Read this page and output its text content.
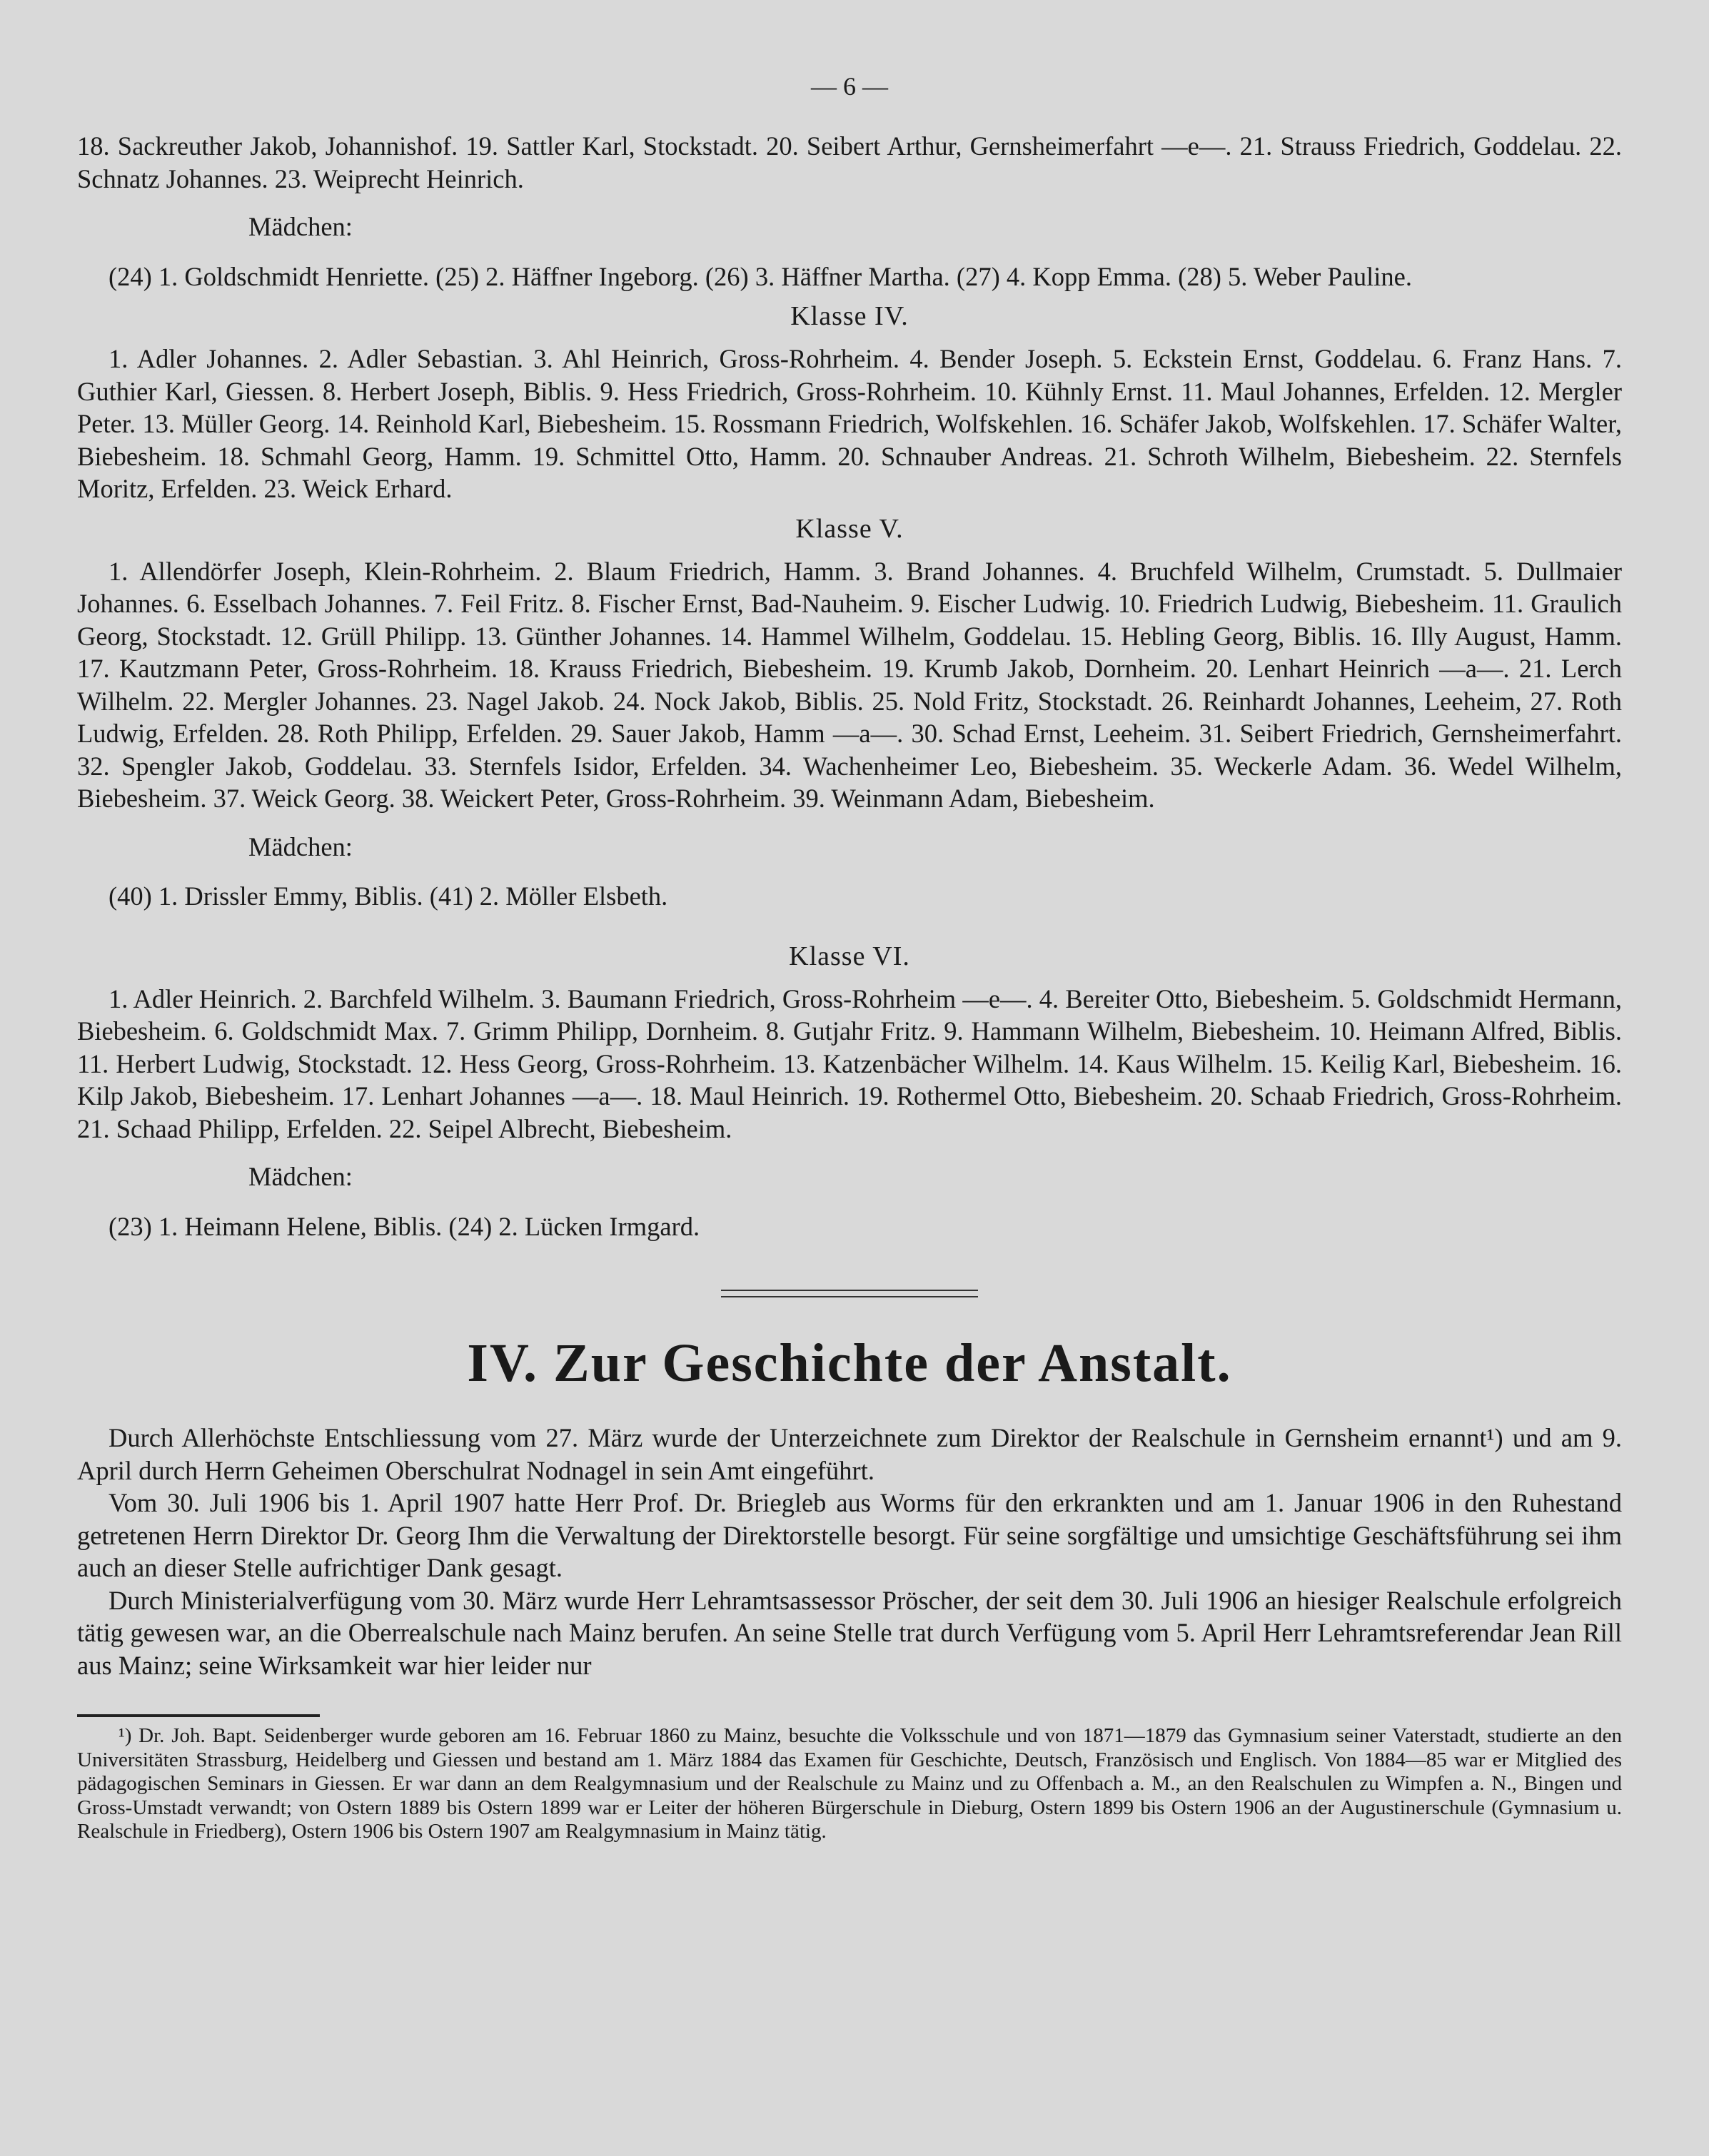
— 6 —

18. Sackreuther Jakob, Johannishof. 19. Sattler Karl, Stockstadt. 20. Seibert Arthur, Gernsheimerfahrt —e—. 21. Strauss Friedrich, Goddelau. 22. Schnatz Johannes. 23. Weiprecht Heinrich.

Mädchen:

(24) 1. Goldschmidt Henriette. (25) 2. Häffner Ingeborg. (26) 3. Häffner Martha. (27) 4. Kopp Emma. (28) 5. Weber Pauline.

Klasse IV.

1. Adler Johannes. 2. Adler Sebastian. 3. Ahl Heinrich, Gross-Rohrheim. 4. Bender Joseph. 5. Eckstein Ernst, Goddelau. 6. Franz Hans. 7. Guthier Karl, Giessen. 8. Herbert Joseph, Biblis. 9. Hess Friedrich, Gross-Rohrheim. 10. Kühnly Ernst. 11. Maul Johannes, Erfelden. 12. Mergler Peter. 13. Müller Georg. 14. Reinhold Karl, Biebesheim. 15. Rossmann Friedrich, Wolfskehlen. 16. Schäfer Jakob, Wolfskehlen. 17. Schäfer Walter, Biebesheim. 18. Schmahl Georg, Hamm. 19. Schmittel Otto, Hamm. 20. Schnauber Andreas. 21. Schroth Wilhelm, Biebesheim. 22. Sternfels Moritz, Erfelden. 23. Weick Erhard.

Klasse V.

1. Allendörfer Joseph, Klein-Rohrheim. 2. Blaum Friedrich, Hamm. 3. Brand Johannes. 4. Bruchfeld Wilhelm, Crumstadt. 5. Dullmaier Johannes. 6. Esselbach Johannes. 7. Feil Fritz. 8. Fischer Ernst, Bad-Nauheim. 9. Eischer Ludwig. 10. Friedrich Ludwig, Biebesheim. 11. Graulich Georg, Stockstadt. 12. Grüll Philipp. 13. Günther Johannes. 14. Hammel Wilhelm, Goddelau. 15. Hebling Georg, Biblis. 16. Illy August, Hamm. 17. Kautzmann Peter, Gross-Rohrheim. 18. Krauss Friedrich, Biebesheim. 19. Krumb Jakob, Dornheim. 20. Lenhart Heinrich —a—. 21. Lerch Wilhelm. 22. Mergler Johannes. 23. Nagel Jakob. 24. Nock Jakob, Biblis. 25. Nold Fritz, Stockstadt. 26. Reinhardt Johannes, Leeheim, 27. Roth Ludwig, Erfelden. 28. Roth Philipp, Erfelden. 29. Sauer Jakob, Hamm —a—. 30. Schad Ernst, Leeheim. 31. Seibert Friedrich, Gernsheimerfahrt. 32. Spengler Jakob, Goddelau. 33. Sternfels Isidor, Erfelden. 34. Wachenheimer Leo, Biebesheim. 35. Weckerle Adam. 36. Wedel Wilhelm, Biebesheim. 37. Weick Georg. 38. Weickert Peter, Gross-Rohrheim. 39. Weinmann Adam, Biebesheim.

Mädchen:

(40) 1. Drissler Emmy, Biblis. (41) 2. Möller Elsbeth.

Klasse VI.

1. Adler Heinrich. 2. Barchfeld Wilhelm. 3. Baumann Friedrich, Gross-Rohrheim —e—. 4. Bereiter Otto, Biebesheim. 5. Goldschmidt Hermann, Biebesheim. 6. Goldschmidt Max. 7. Grimm Philipp, Dornheim. 8. Gutjahr Fritz. 9. Hammann Wilhelm, Biebesheim. 10. Heimann Alfred, Biblis. 11. Herbert Ludwig, Stockstadt. 12. Hess Georg, Gross-Rohrheim. 13. Katzenbächer Wilhelm. 14. Kaus Wilhelm. 15. Keilig Karl, Biebesheim. 16. Kilp Jakob, Biebesheim. 17. Lenhart Johannes —a—. 18. Maul Heinrich. 19. Rothermel Otto, Biebesheim. 20. Schaab Friedrich, Gross-Rohrheim. 21. Schaad Philipp, Erfelden. 22. Seipel Albrecht, Biebesheim.

Mädchen:

(23) 1. Heimann Helene, Biblis. (24) 2. Lücken Irmgard.

IV. Zur Geschichte der Anstalt.

Durch Allerhöchste Entschliessung vom 27. März wurde der Unterzeichnete zum Direktor der Realschule in Gernsheim ernannt¹) und am 9. April durch Herrn Geheimen Oberschulrat Nodnagel in sein Amt eingeführt.

Vom 30. Juli 1906 bis 1. April 1907 hatte Herr Prof. Dr. Briegleb aus Worms für den erkrankten und am 1. Januar 1906 in den Ruhestand getretenen Herrn Direktor Dr. Georg Ihm die Verwaltung der Direktorstelle besorgt. Für seine sorgfältige und umsichtige Geschäftsführung sei ihm auch an dieser Stelle aufrichtiger Dank gesagt.

Durch Ministerialverfügung vom 30. März wurde Herr Lehramtsassessor Pröscher, der seit dem 30. Juli 1906 an hiesiger Realschule erfolgreich tätig gewesen war, an die Oberrealschule nach Mainz berufen. An seine Stelle trat durch Verfügung vom 5. April Herr Lehramtsreferendar Jean Rill aus Mainz; seine Wirksamkeit war hier leider nur

¹) Dr. Joh. Bapt. Seidenberger wurde geboren am 16. Februar 1860 zu Mainz, besuchte die Volksschule und von 1871—1879 das Gymnasium seiner Vaterstadt, studierte an den Universitäten Strassburg, Heidelberg und Giessen und bestand am 1. März 1884 das Examen für Geschichte, Deutsch, Französisch und Englisch. Von 1884—85 war er Mitglied des pädagogischen Seminars in Giessen. Er war dann an dem Realgymnasium und der Realschule zu Mainz und zu Offenbach a. M., an den Realschulen zu Wimpfen a. N., Bingen und Gross-Umstadt verwandt; von Ostern 1889 bis Ostern 1899 war er Leiter der höheren Bürgerschule in Dieburg, Ostern 1899 bis Ostern 1906 an der Augustinerschule (Gymnasium u. Realschule in Friedberg), Ostern 1906 bis Ostern 1907 am Realgymnasium in Mainz tätig.
